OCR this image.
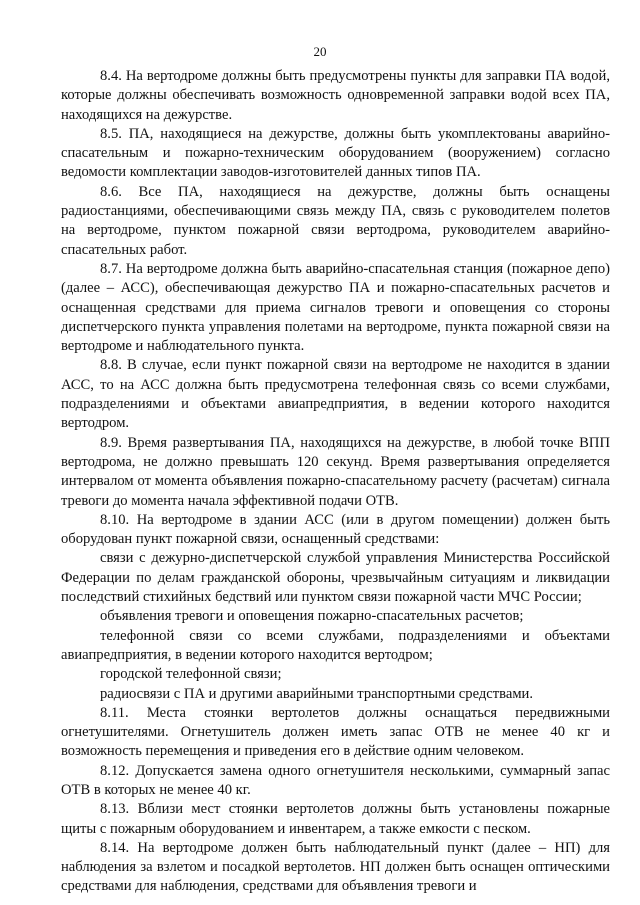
20

8.4. На вертодроме должны быть предусмотрены пункты для заправки ПА водой, которые должны обеспечивать возможность одновременной заправки водой всех ПА, находящихся на дежурстве.

8.5. ПА, находящиеся на дежурстве, должны быть укомплектованы аварийно-спасательным и пожарно-техническим оборудованием (вооружением) согласно ведомости комплектации заводов-изготовителей данных типов ПА.

8.6. Все ПА, находящиеся на дежурстве, должны быть оснащены радиостанциями, обеспечивающими связь между ПА, связь с руководителем полетов на вертодроме, пунктом пожарной связи вертодрома, руководителем аварийно-спасательных работ.

8.7. На вертодроме должна быть аварийно-спасательная станция (пожарное депо) (далее – АСС), обеспечивающая дежурство ПА и пожарно-спасательных расчетов и оснащенная средствами для приема сигналов тревоги и оповещения со стороны диспетчерского пункта управления полетами на вертодроме, пункта пожарной связи на вертодроме и наблюдательного пункта.

8.8. В случае, если пункт пожарной связи на вертодроме не находится в здании АСС, то на АСС должна быть предусмотрена телефонная связь со всеми службами, подразделениями и объектами авиапредприятия, в ведении которого находится вертодром.

8.9. Время развертывания ПА, находящихся на дежурстве, в любой точке ВПП вертодрома, не должно превышать 120 секунд. Время развертывания определяется интервалом от момента объявления пожарно-спасательному расчету (расчетам) сигнала тревоги до момента начала эффективной подачи ОТВ.

8.10. На вертодроме в здании АСС (или в другом помещении) должен быть оборудован пункт пожарной связи, оснащенный средствами:

связи с дежурно-диспетчерской службой управления Министерства Российской Федерации по делам гражданской обороны, чрезвычайным ситуациям и ликвидации последствий стихийных бедствий или пунктом связи пожарной части МЧС России;

объявления тревоги и оповещения пожарно-спасательных расчетов;

телефонной связи со всеми службами, подразделениями и объектами авиапредприятия, в ведении которого находится вертодром;

городской телефонной связи;

радиосвязи с ПА и другими аварийными транспортными средствами.

8.11. Места стоянки вертолетов должны оснащаться передвижными огнетушителями. Огнетушитель должен иметь запас ОТВ не менее 40 кг и возможность перемещения и приведения его в действие одним человеком.

8.12. Допускается замена одного огнетушителя несколькими, суммарный запас ОТВ в которых не менее 40 кг.

8.13. Вблизи мест стоянки вертолетов должны быть установлены пожарные щиты с пожарным оборудованием и инвентарем, а также емкости с песком.

8.14. На вертодроме должен быть наблюдательный пункт (далее – НП) для наблюдения за взлетом и посадкой вертолетов. НП должен быть оснащен оптическими средствами для наблюдения, средствами для объявления тревоги и
